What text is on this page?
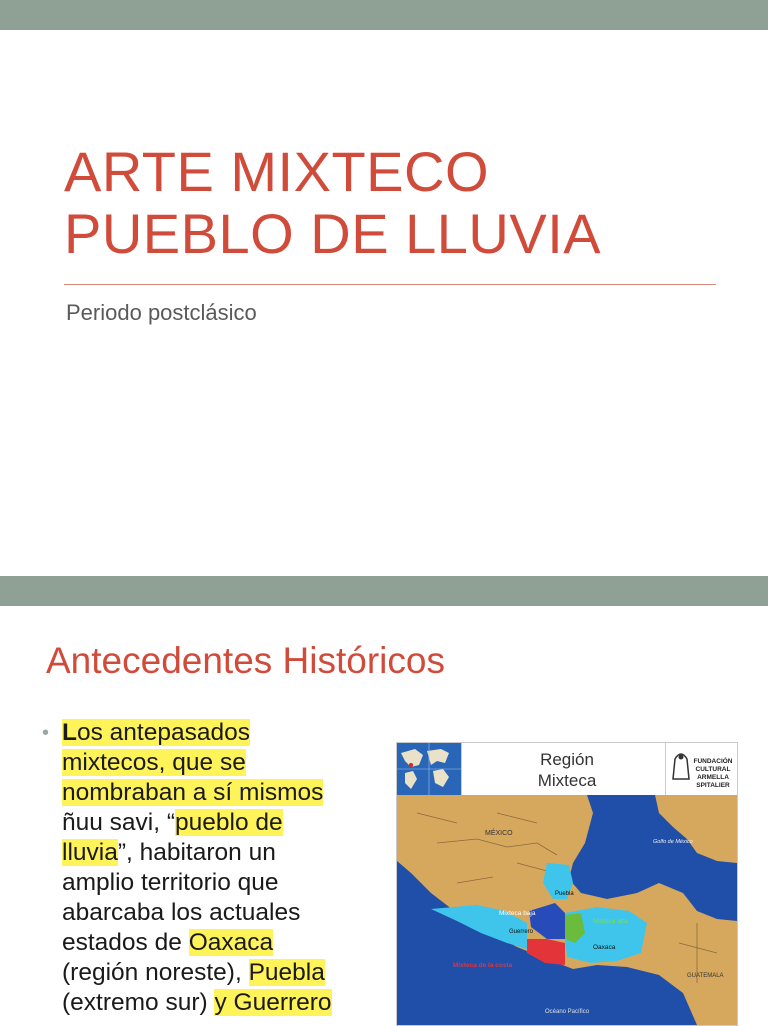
ARTE MIXTECO
PUEBLO DE LLUVIA
Periodo postclásico
Antecedentes Históricos
• Los antepasados
mixtecos, que se
nombraban a sí mismos
ñuu savi, “pueblo de
lluvia”, habitaron un
amplio territorio que
abarcaba los actuales
estados de Oaxaca
(región noreste), Puebla
(extremo sur) y Guerrero
Región
Mixteca
FUNDACIÓN
CULTURAL
ARMELLA
SPITALIER
MÉXICO
Golfo de México
Puebla
Mixteca baja
Mixteca alta
Guerrero
Oaxaca
Mixteca de la costa
GUATEMALA
Océano Pacífico
